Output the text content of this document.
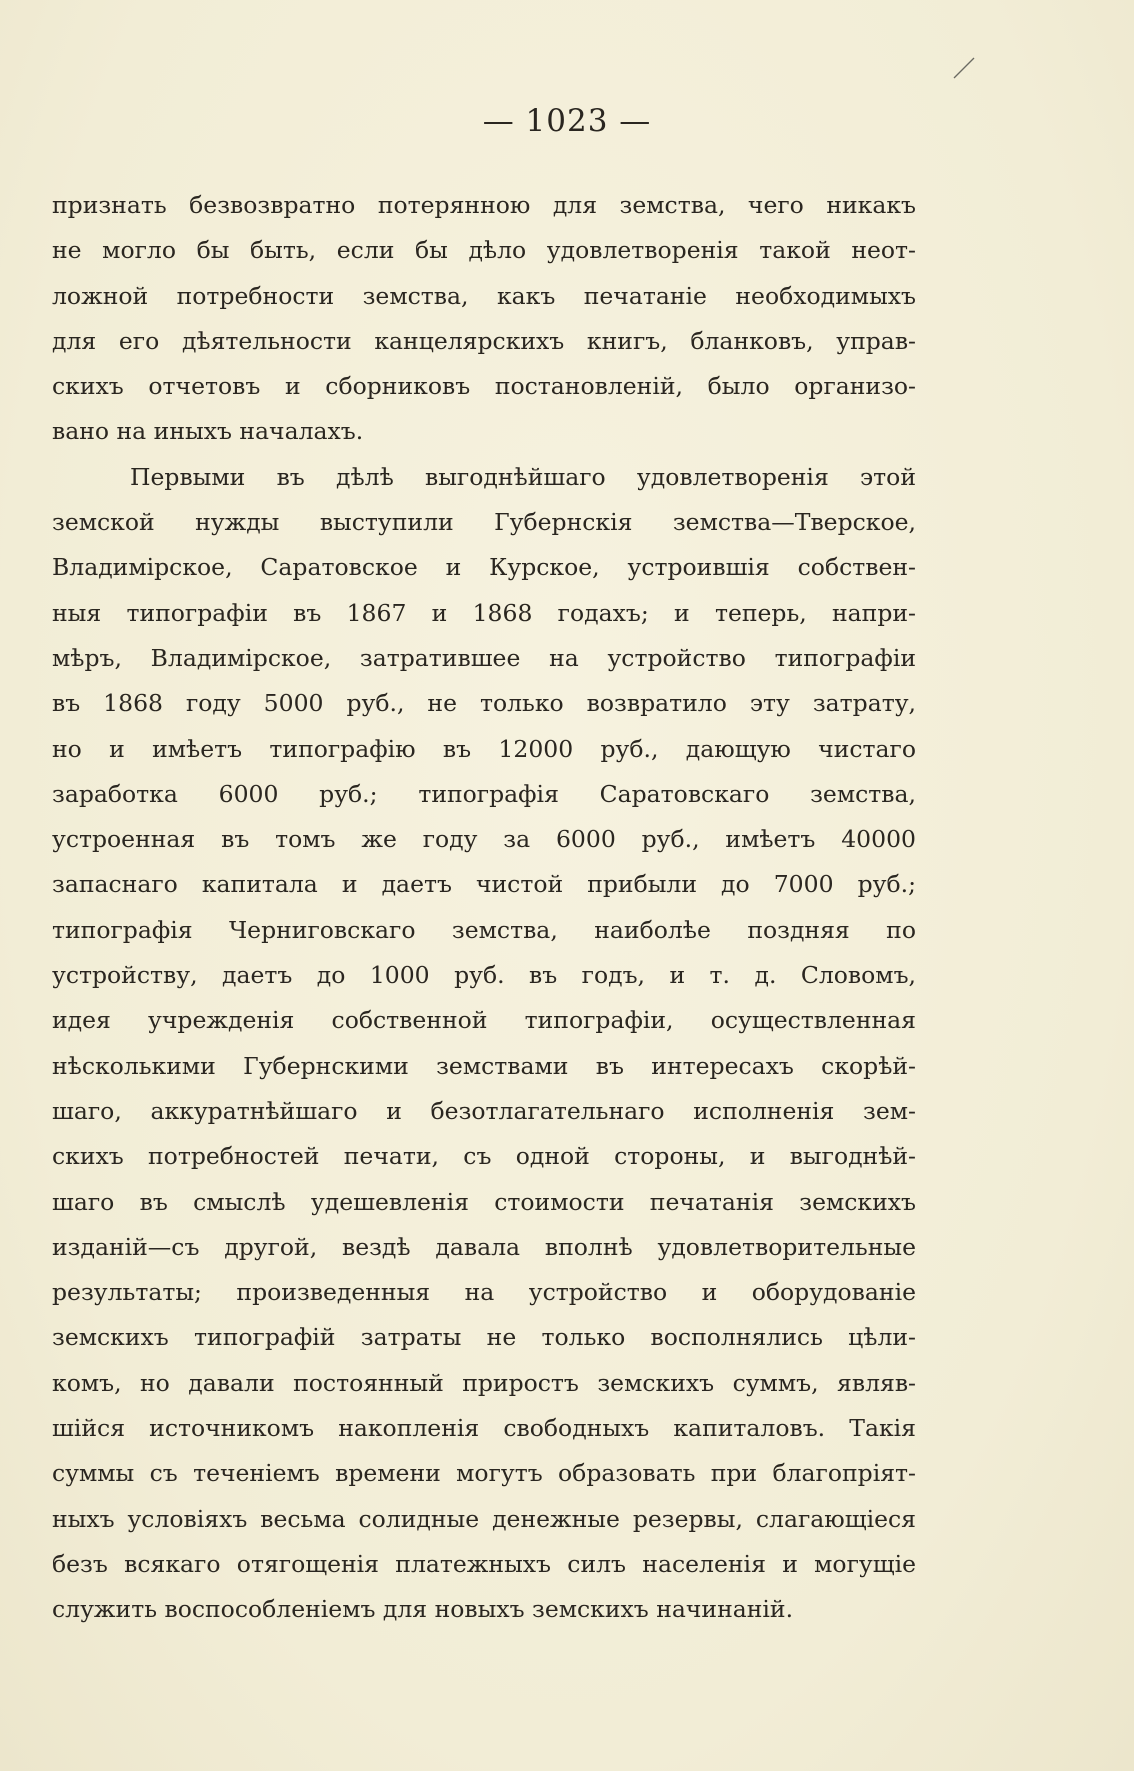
— 1023 —
признать безвозвратно потерянною для земства, чего никакъ
не могло бы быть, если бы дѣло удовлетворенія такой неот-
ложной потребности земства, какъ печатаніе необходимыхъ
для его дѣятельности канцелярскихъ книгъ, бланковъ, управ-
скихъ отчетовъ и сборниковъ постановленій, было организо-
вано на иныхъ началахъ.
Первыми въ дѣлѣ выгоднѣйшаго удовлетворенія этой
земской нужды выступили Губернскія земства—Тверское,
Владимірское, Саратовское и Курское, устроившія собствен-
ныя типографіи въ 1867 и 1868 годахъ; и теперь, напри-
мѣръ, Владимірское, затратившее на устройство типографіи
въ 1868 году 5000 руб., не только возвратило эту затрату,
но и имѣетъ типографію въ 12000 руб., дающую чистаго
заработка 6000 руб.; типографія Саратовскаго земства,
устроенная въ томъ же году за 6000 руб., имѣетъ 40000
запаснаго капитала и даетъ чистой прибыли до 7000 руб.;
типографія Черниговскаго земства, наиболѣе поздняя по
устройству, даетъ до 1000 руб. въ годъ, и т. д. Словомъ,
идея учрежденія собственной типографіи, осуществленная
нѣсколькими Губернскими земствами въ интересахъ скорѣй-
шаго, аккуратнѣйшаго и безотлагательнаго исполненія зем-
скихъ потребностей печати, съ одной стороны, и выгоднѣй-
шаго въ смыслѣ удешевленія стоимости печатанія земскихъ
изданій—съ другой, вездѣ давала вполнѣ удовлетворительные
результаты; произведенныя на устройство и оборудованіе
земскихъ типографій затраты не только восполнялись цѣли-
комъ, но давали постоянный приростъ земскихъ суммъ, являв-
шійся источникомъ накопленія свободныхъ капиталовъ. Такія
суммы съ теченіемъ времени могутъ образовать при благопріят-
ныхъ условіяхъ весьма солидные денежные резервы, слагающіеся
безъ всякаго отягощенія платежныхъ силъ населенія и могущіе
служить воспособленіемъ для новыхъ земскихъ начинаній.
